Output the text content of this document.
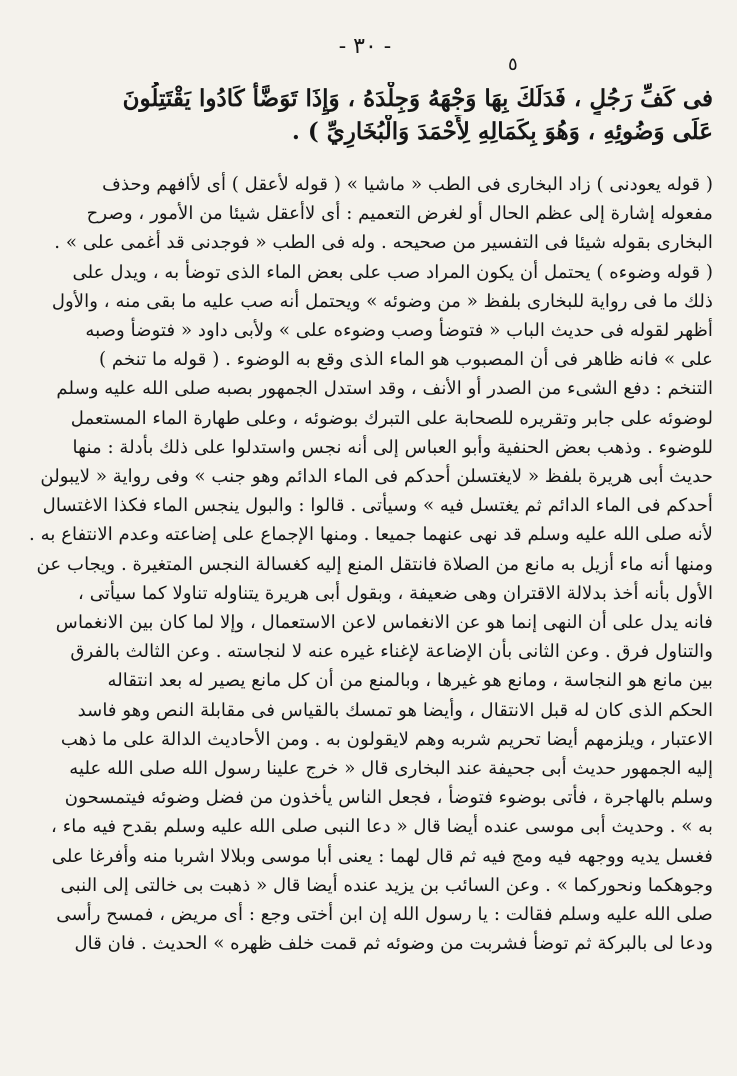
- ٣٠ -
٥
فى كَفِّ رَجُلٍ ، فَدَلَكَ بِهَا وَجْهَهُ وَجِلْدَهُ ، وَإِذَا تَوَضَّأَ كَادُوا يَقْتَتِلُونَ
عَلَى وَضُوئِهِ ، وَهُوَ بِكَمَالِهِ لِأَحْمَدَ وَالْبُخَارِيِّ ) .
( قوله يعودنى ) زاد البخارى فى الطب « ماشيا » ( قوله لأعقل ) أى لأافهم وحذف
مفعوله إشارة إلى عظم الحال أو لغرض التعميم : أى لاأعقل شيئا من الأمور ، وصرح
البخارى بقوله شيئا فى التفسير من صحيحه . وله فى الطب « فوجدنى قد أغمى على » .
( قوله وضوءه ) يحتمل أن يكون المراد صب على بعض الماء الذى توضأ به ، ويدل على
ذلك ما فى رواية للبخارى بلفظ « من وضوئه » ويحتمل أنه صب عليه ما بقى منه ، والأول
أظهر لقوله فى حديث الباب « فتوضأ وصب وضوءه على » ولأبى داود « فتوضأ وصبه
على » فانه ظاهر فى أن المصبوب هو الماء الذى وقع به الوضوء . ( قوله ما تنخم )
التنخم : دفع الشىء من الصدر أو الأنف ، وقد استدل الجمهور بصبه صلى الله عليه وسلم
لوضوئه على جابر وتقريره للصحابة على التبرك بوضوئه ، وعلى طهارة الماء المستعمل
للوضوء . وذهب بعض الحنفية وأبو العباس إلى أنه نجس واستدلوا على ذلك بأدلة : منها
حديث أبى هريرة بلفظ « لايغتسلن أحدكم فى الماء الدائم وهو جنب » وفى رواية « لايبولن
أحدكم فى الماء الدائم ثم يغتسل فيه » وسيأتى . قالوا : والبول ينجس الماء فكذا الاغتسال
لأنه صلى الله عليه وسلم قد نهى عنهما جميعا . ومنها الإجماع على إضاعته وعدم الانتفاع به .
ومنها أنه ماء أزيل به مانع من الصلاة فانتقل المنع إليه كغسالة النجس المتغيرة . ويجاب عن
الأول بأنه أخذ بدلالة الاقتران وهى ضعيفة ، وبقول أبى هريرة يتناوله تناولا كما سيأتى ،
فانه يدل على أن النهى إنما هو عن الانغماس لاعن الاستعمال ، وإلا لما كان بين الانغماس
والتناول فرق . وعن الثانى بأن الإضاعة لإغناء غيره عنه لا لنجاسته . وعن الثالث بالفرق
بين مانع هو النجاسة ، ومانع هو غيرها ، وبالمنع من أن كل مانع يصير له بعد انتقاله
الحكم الذى كان له قبل الانتقال ، وأيضا هو تمسك بالقياس فى مقابلة النص وهو فاسد
الاعتبار ، ويلزمهم أيضا تحريم شربه وهم لايقولون به . ومن الأحاديث الدالة على ما ذهب
إليه الجمهور حديث أبى جحيفة عند البخارى قال « خرج علينا رسول الله صلى الله عليه
وسلم بالهاجرة ، فأتى بوضوء فتوضأ ، فجعل الناس يأخذون من فضل وضوئه فيتمسحون
به » . وحديث أبى موسى عنده أيضا قال « دعا النبى صلى الله عليه وسلم بقدح فيه ماء ،
فغسل يديه ووجهه فيه ومج فيه ثم قال لهما : يعنى أبا موسى وبلالا اشربا منه وأفرغا على
وجوهكما ونحوركما » . وعن السائب بن يزيد عنده أيضا قال « ذهبت بى خالتى إلى النبى
صلى الله عليه وسلم فقالت : يا رسول الله إن ابن أختى وجع : أى مريض ، فمسح رأسى
ودعا لى بالبركة ثم توضأ فشربت من وضوئه ثم قمت خلف ظهره » الحديث . فان قال
